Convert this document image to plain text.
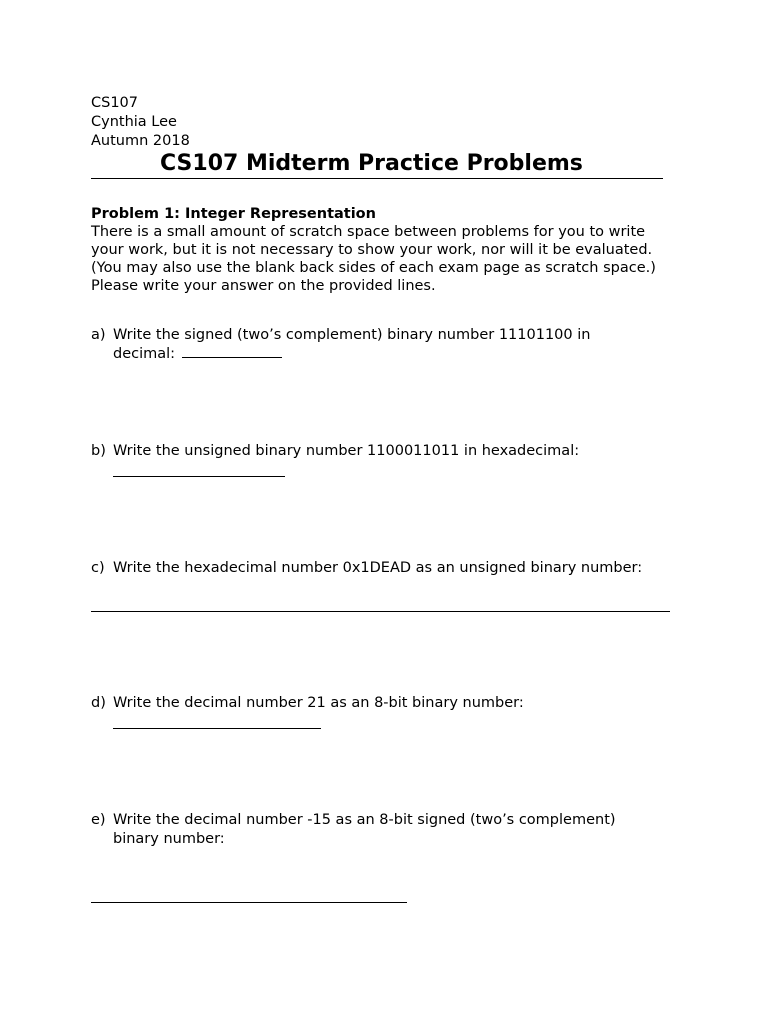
CS107
Cynthia Lee
Autumn 2018
CS107 Midterm Practice Problems
Problem 1: Integer Representation
There is a small amount of scratch space between problems for you to write
your work, but it is not necessary to show your work, nor will it be evaluated.
(You may also use the blank back sides of each exam page as scratch space.)
Please write your answer on the provided lines.
a) Write the signed (two’s complement) binary number 11101100 in
decimal:
b) Write the unsigned binary number 1100011011 in hexadecimal:
c) Write the hexadecimal number 0x1DEAD as an unsigned binary number:
d) Write the decimal number 21 as an 8-bit binary number:
e) Write the decimal number -15 as an 8-bit signed (two’s complement)
binary number:
